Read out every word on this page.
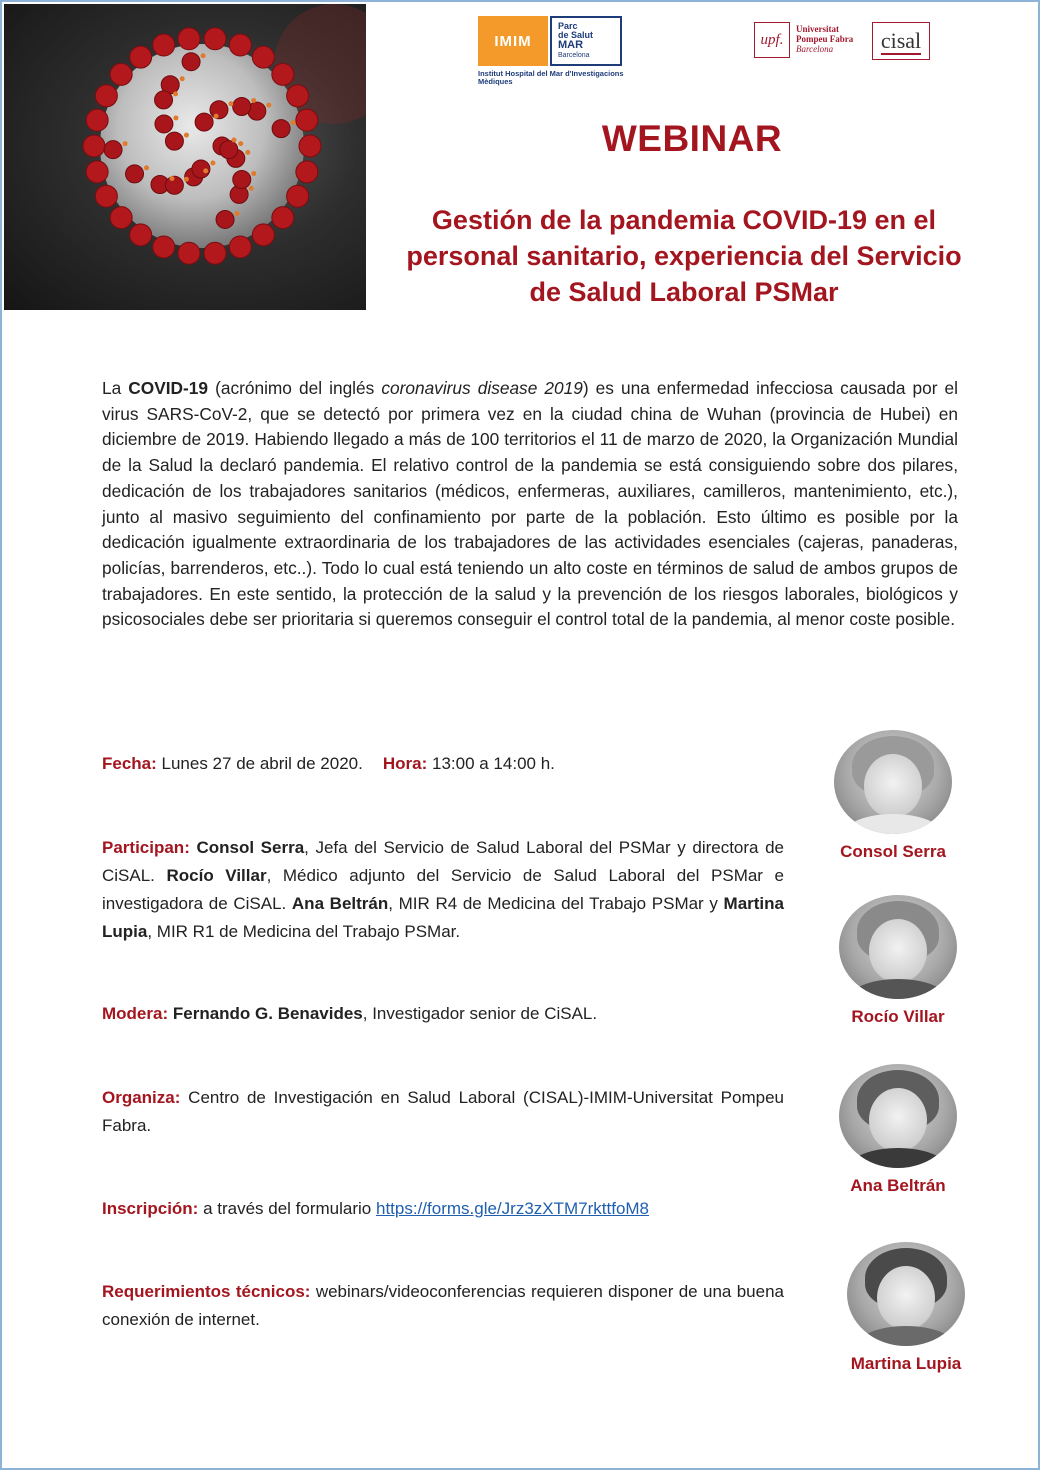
IMIM
Parc
de Salut
MAR
Barcelona
Institut Hospital del Mar d'Investigacions Mèdiques
upf.
Universitat
Pompeu Fabra
Barcelona	cisal
WEBINAR
Gestión de la pandemia COVID-19 en el
personal sanitario, experiencia del Servicio
de Salud Laboral PSMar
La COVID-19 (acrónimo del inglés coronavirus disease 2019) es una enfermedad infecciosa causada por el virus SARS-CoV-2, que se detectó por primera vez en la ciudad china de Wuhan (provincia de Hubei) en diciembre de 2019. Habiendo llegado a más de 100 territorios el 11 de marzo de 2020, la Organización Mundial de la Salud la declaró pandemia. El relativo control de la pandemia se está consiguiendo sobre dos pilares, dedicación de los trabajadores sanitarios (médicos, enfermeras, auxiliares, camilleros, mantenimiento, etc.), junto al masivo seguimiento del confinamiento por parte de la población. Esto último es posible por la dedicación igualmente extraordinaria de los trabajadores de las actividades esenciales (cajeras, panaderas, policías, barrenderos, etc..). Todo lo cual está teniendo un alto coste en términos de salud de ambos grupos de trabajadores. En este sentido, la protección de la salud y la prevención de los riesgos laborales, biológicos y psicosociales debe ser prioritaria si queremos conseguir el control total de la pandemia, al menor coste posible.
Fecha: Lunes 27 de abril de 2020. Hora: 13:00 a 14:00 h.
Participan: Consol Serra, Jefa del Servicio de Salud Laboral del PSMar y directora de CiSAL. Rocío Villar, Médico adjunto del Servicio de Salud Laboral del PSMar e investigadora de CiSAL. Ana Beltrán, MIR R4 de Medicina del Trabajo PSMar y Martina Lupia, MIR R1 de Medicina del Trabajo PSMar.
Modera: Fernando G. Benavides, Investigador senior de CiSAL.
Organiza: Centro de Investigación en Salud Laboral (CISAL)-IMIM-Universitat Pompeu Fabra.
Inscripción: a través del formulario https://forms.gle/Jrz3zXTM7rkttfoM8
Requerimientos técnicos: webinars/videoconferencias requieren disponer de una buena conexión de internet.
Consol Serra
Rocío Villar
Ana Beltrán
Martina Lupia
